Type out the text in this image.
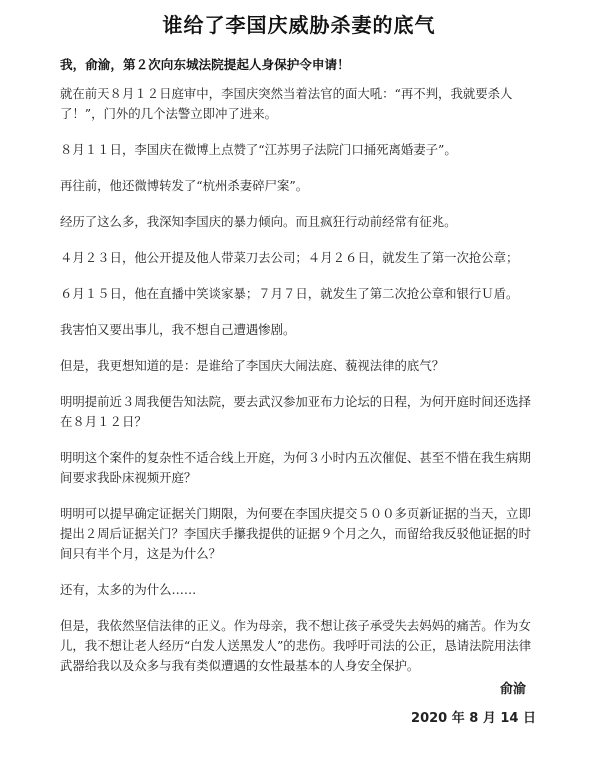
谁给了李国庆威胁杀妻的底气

我，俞渝，第２次向东城法院提起人身保护令申请！

就在前天８月１２日庭审中，李国庆突然当着法官的面大吼：“再不判，我就要杀人了！”，门外的几个法警立即冲了进来。

８月１１日，李国庆在微博上点赞了“江苏男子法院门口捅死离婚妻子”。

再往前，他还微博转发了“杭州杀妻碎尸案”。

经历了这么多，我深知李国庆的暴力倾向。而且疯狂行动前经常有征兆。

４月２３日，他公开提及他人带菜刀去公司；４月２６日，就发生了第一次抢公章；

６月１５日，他在直播中笑谈家暴；７月７日，就发生了第二次抢公章和银行Ｕ盾。

我害怕又要出事儿，我不想自己遭遇惨剧。

但是，我更想知道的是：是谁给了李国庆大闹法庭、藐视法律的底气？

明明提前近３周我便告知法院，要去武汉参加亚布力论坛的日程，为何开庭时间还选择在８月１２日？

明明这个案件的复杂性不适合线上开庭，为何３小时内五次催促、甚至不惜在我生病期间要求我卧床视频开庭？

明明可以提早确定证据关门期限，为何要在李国庆提交５００多页新证据的当天，立即提出２周后证据关门？李国庆手攥我提供的证据９个月之久，而留给我反驳他证据的时间只有半个月，这是为什么？

还有，太多的为什么……

但是，我依然坚信法律的正义。作为母亲，我不想让孩子承受失去妈妈的痛苦。作为女儿，我不想让老人经历“白发人送黑发人”的悲伤。我呼吁司法的公正，恳请法院用法律武器给我以及众多与我有类似遭遇的女性最基本的人身安全保护。

俞渝
2020 年 8 月 14 日
